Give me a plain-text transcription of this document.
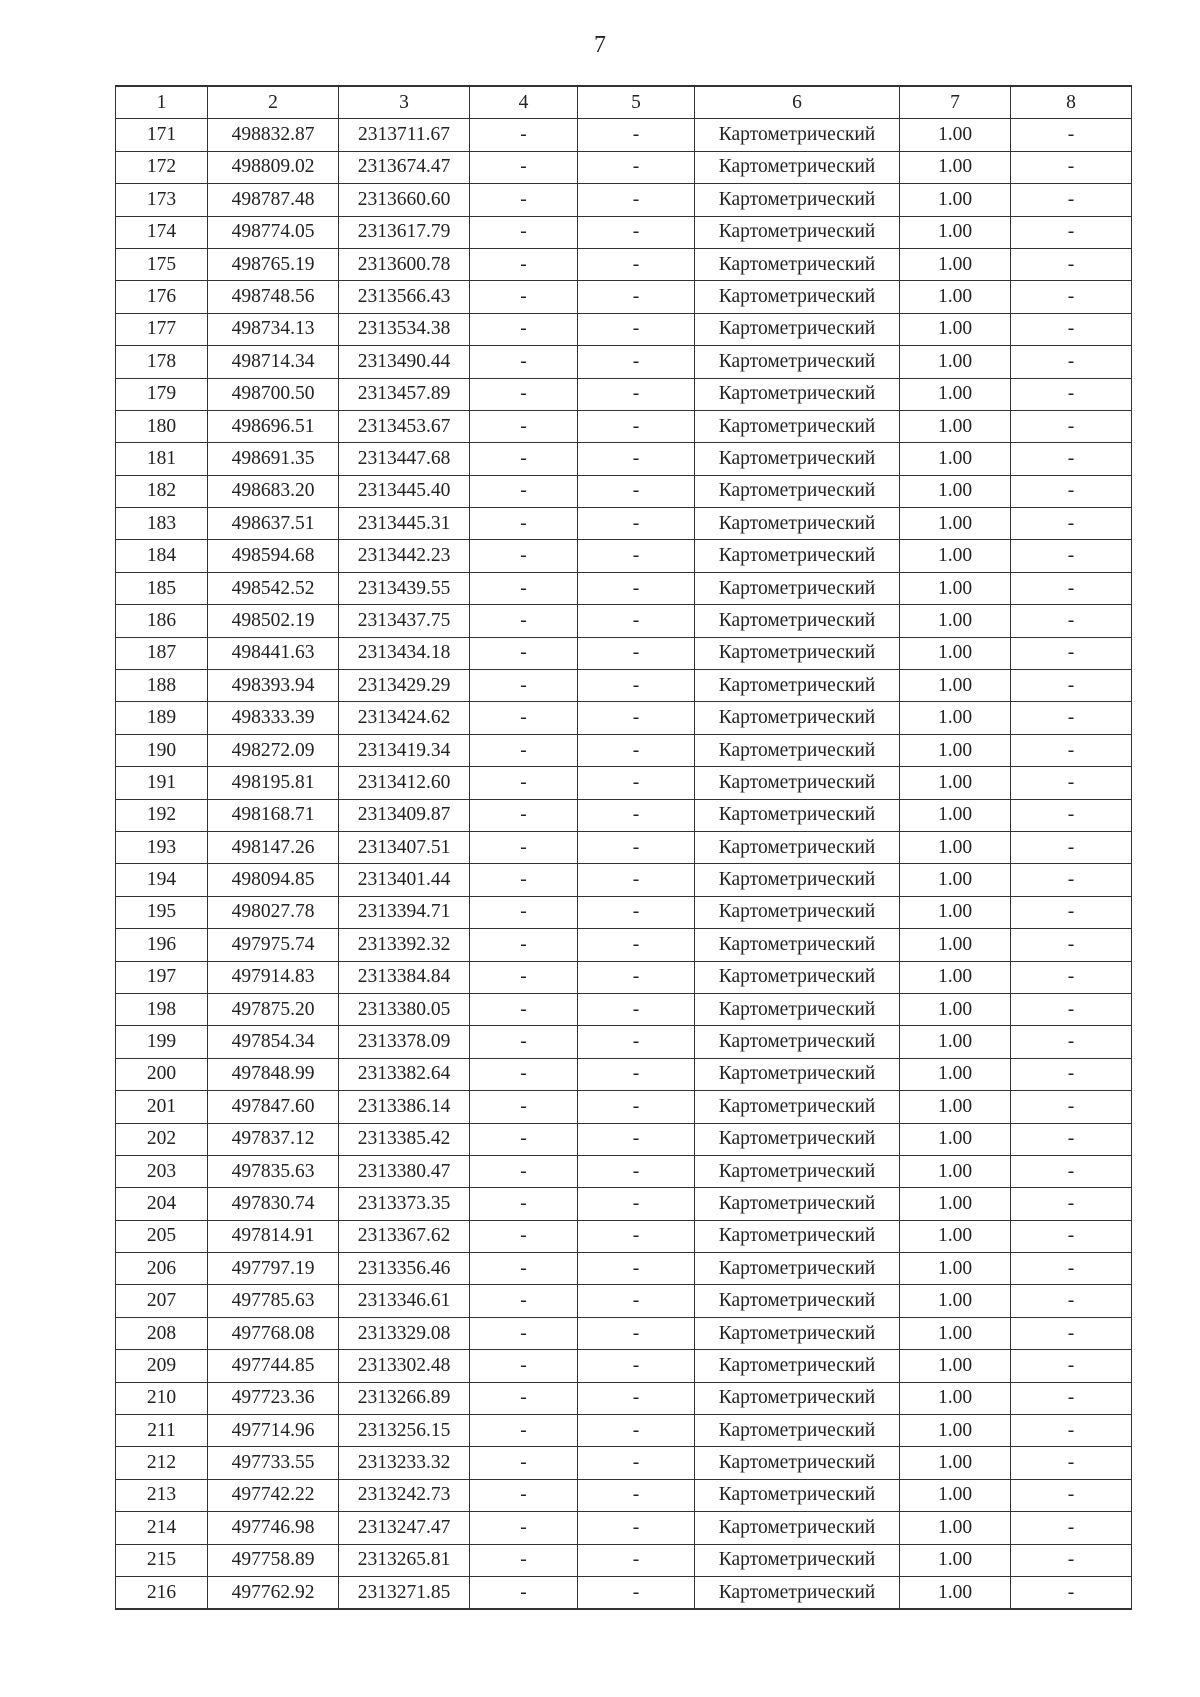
7
1	2	3	4	5	6	7	8
171	498832.87	2313711.67	-	-	Картометрический	1.00	-
172	498809.02	2313674.47	-	-	Картометрический	1.00	-
173	498787.48	2313660.60	-	-	Картометрический	1.00	-
174	498774.05	2313617.79	-	-	Картометрический	1.00	-
175	498765.19	2313600.78	-	-	Картометрический	1.00	-
176	498748.56	2313566.43	-	-	Картометрический	1.00	-
177	498734.13	2313534.38	-	-	Картометрический	1.00	-
178	498714.34	2313490.44	-	-	Картометрический	1.00	-
179	498700.50	2313457.89	-	-	Картометрический	1.00	-
180	498696.51	2313453.67	-	-	Картометрический	1.00	-
181	498691.35	2313447.68	-	-	Картометрический	1.00	-
182	498683.20	2313445.40	-	-	Картометрический	1.00	-
183	498637.51	2313445.31	-	-	Картометрический	1.00	-
184	498594.68	2313442.23	-	-	Картометрический	1.00	-
185	498542.52	2313439.55	-	-	Картометрический	1.00	-
186	498502.19	2313437.75	-	-	Картометрический	1.00	-
187	498441.63	2313434.18	-	-	Картометрический	1.00	-
188	498393.94	2313429.29	-	-	Картометрический	1.00	-
189	498333.39	2313424.62	-	-	Картометрический	1.00	-
190	498272.09	2313419.34	-	-	Картометрический	1.00	-
191	498195.81	2313412.60	-	-	Картометрический	1.00	-
192	498168.71	2313409.87	-	-	Картометрический	1.00	-
193	498147.26	2313407.51	-	-	Картометрический	1.00	-
194	498094.85	2313401.44	-	-	Картометрический	1.00	-
195	498027.78	2313394.71	-	-	Картометрический	1.00	-
196	497975.74	2313392.32	-	-	Картометрический	1.00	-
197	497914.83	2313384.84	-	-	Картометрический	1.00	-
198	497875.20	2313380.05	-	-	Картометрический	1.00	-
199	497854.34	2313378.09	-	-	Картометрический	1.00	-
200	497848.99	2313382.64	-	-	Картометрический	1.00	-
201	497847.60	2313386.14	-	-	Картометрический	1.00	-
202	497837.12	2313385.42	-	-	Картометрический	1.00	-
203	497835.63	2313380.47	-	-	Картометрический	1.00	-
204	497830.74	2313373.35	-	-	Картометрический	1.00	-
205	497814.91	2313367.62	-	-	Картометрический	1.00	-
206	497797.19	2313356.46	-	-	Картометрический	1.00	-
207	497785.63	2313346.61	-	-	Картометрический	1.00	-
208	497768.08	2313329.08	-	-	Картометрический	1.00	-
209	497744.85	2313302.48	-	-	Картометрический	1.00	-
210	497723.36	2313266.89	-	-	Картометрический	1.00	-
211	497714.96	2313256.15	-	-	Картометрический	1.00	-
212	497733.55	2313233.32	-	-	Картометрический	1.00	-
213	497742.22	2313242.73	-	-	Картометрический	1.00	-
214	497746.98	2313247.47	-	-	Картометрический	1.00	-
215	497758.89	2313265.81	-	-	Картометрический	1.00	-
216	497762.92	2313271.85	-	-	Картометрический	1.00	-
